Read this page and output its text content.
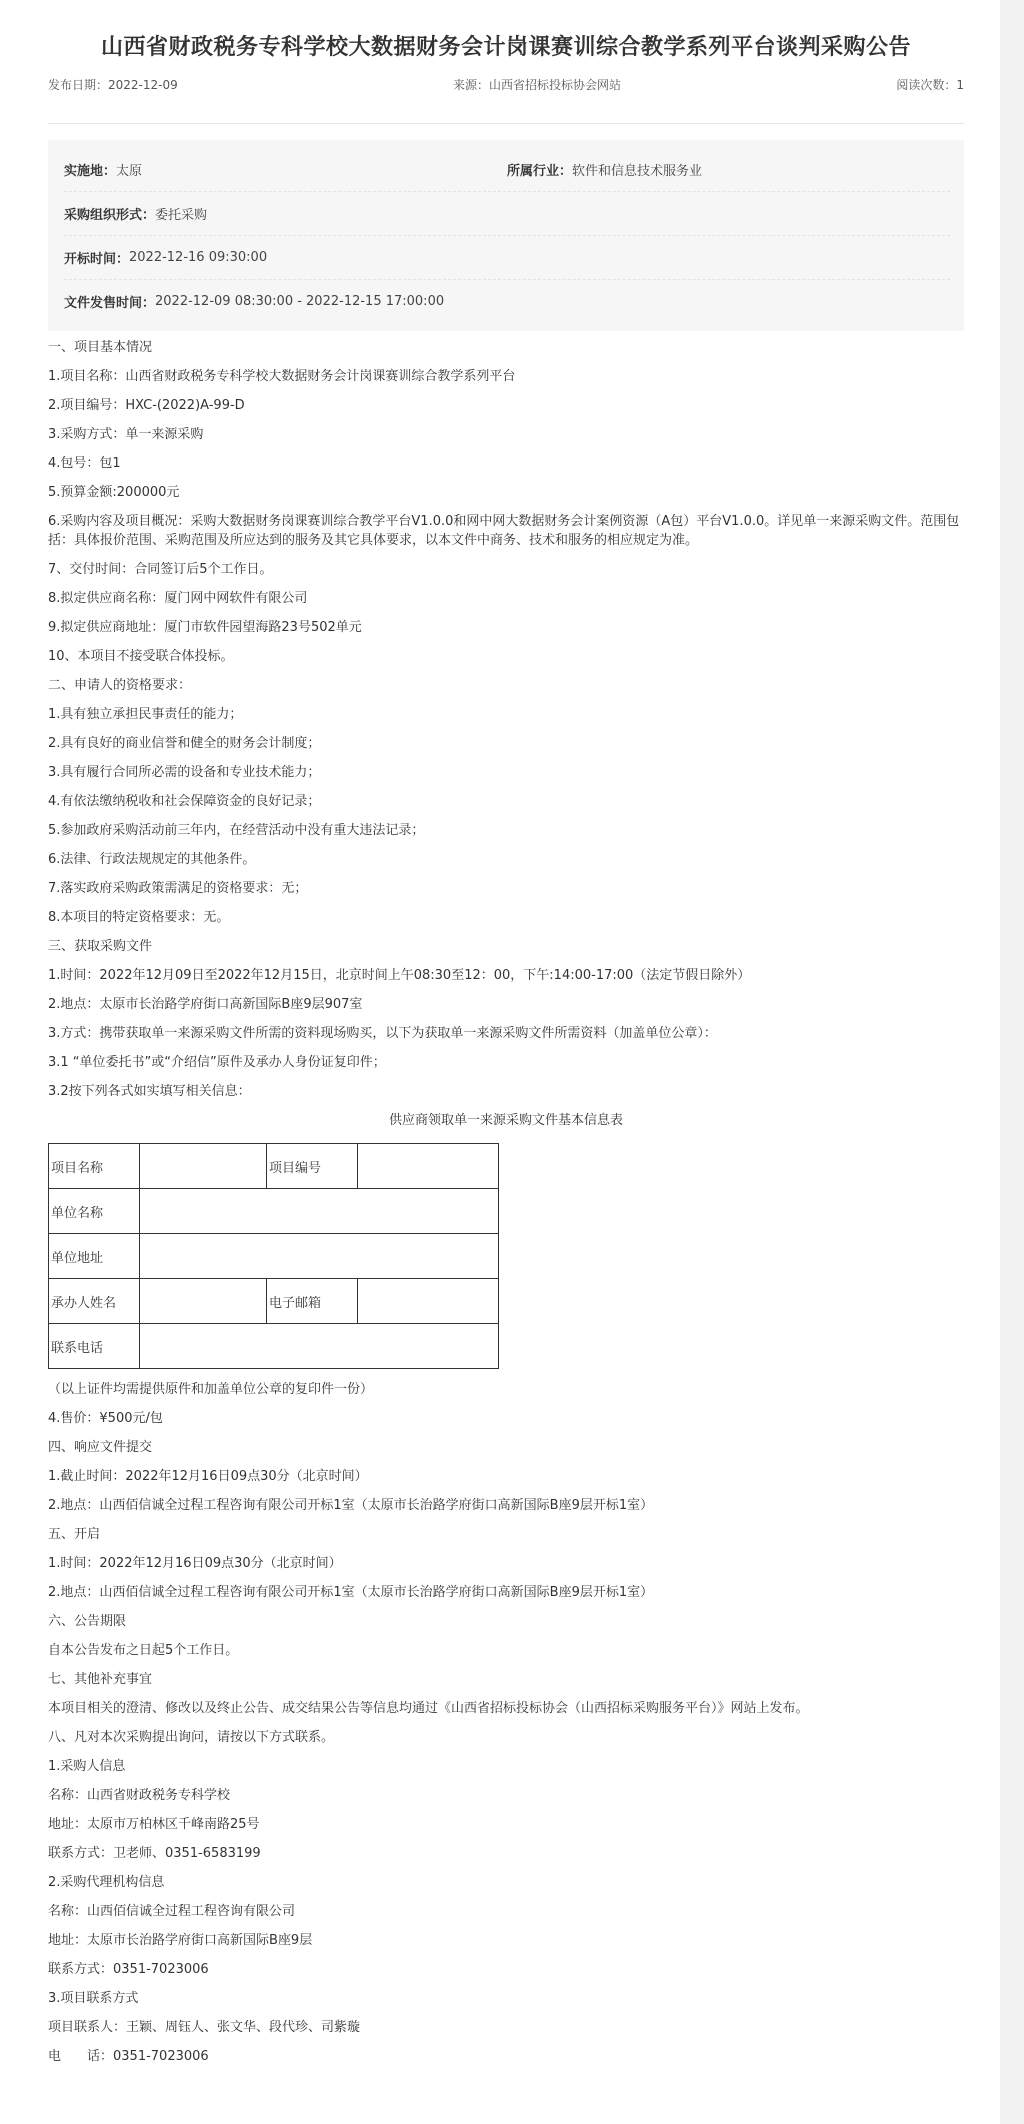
山西省财政税务专科学校大数据财务会计岗课赛训综合教学系列平台谈判采购公告
发布日期：2022-12-09	来源：山西省招标投标协会网站	阅读次数：1
实施地：太原	所属行业：软件和信息技术服务业
采购组织形式： 委托采购
开标时间： 2022-12-16 09:30:00
文件发售时间： 2022-12-09 08:30:00 - 2022-12-15 17:00:00

一、项目基本情况

1.项目名称：山西省财政税务专科学校大数据财务会计岗课赛训综合教学系列平台

2.项目编号：HXC-(2022)A-99-D

3.采购方式：单一来源采购

4.包号：包1

5.预算金额:200000元

6.采购内容及项目概况：采购大数据财务岗课赛训综合教学平台V1.0.0和网中网大数据财务会计案例资源（A包）平台V1.0.0。详见单一来源采购文件。范围包括：具体报价范围、采购范围及所应达到的服务及其它具体要求，以本文件中商务、技术和服务的相应规定为准。

7、交付时间：合同签订后5个工作日。

8.拟定供应商名称：厦门网中网软件有限公司

9.拟定供应商地址：厦门市软件园望海路23号502单元

10、本项目不接受联合体投标。

二、申请人的资格要求：

1.具有独立承担民事责任的能力；

2.具有良好的商业信誉和健全的财务会计制度；

3.具有履行合同所必需的设备和专业技术能力；

4.有依法缴纳税收和社会保障资金的良好记录；

5.参加政府采购活动前三年内，在经营活动中没有重大违法记录；

6.法律、行政法规规定的其他条件。

7.落实政府采购政策需满足的资格要求：无；

8.本项目的特定资格要求：无。

三、获取采购文件

1.时间：2022年12月09日至2022年12月15日，北京时间上午08:30至12：00，下午:14:00-17:00（法定节假日除外）

2.地点：太原市长治路学府街口高新国际B座9层907室

3.方式：携带获取单一来源采购文件所需的资料现场购买，以下为获取单一来源采购文件所需资料（加盖单位公章）：

3.1 “单位委托书”或“介绍信”原件及承办人身份证复印件；

3.2按下列各式如实填写相关信息：

供应商领取单一来源采购文件基本信息表

项目名称		项目编号	
单位名称			
单位地址			
承办人姓名		电子邮箱	
联系电话			

（以上证件均需提供原件和加盖单位公章的复印件一份）

4.售价：¥500元/包

四、响应文件提交

1.截止时间：2022年12月16日09点30分（北京时间）

2.地点：山西佰信诚全过程工程咨询有限公司开标1室（太原市长治路学府街口高新国际B座9层开标1室）

五、开启

1.时间：2022年12月16日09点30分（北京时间）

2.地点：山西佰信诚全过程工程咨询有限公司开标1室（太原市长治路学府街口高新国际B座9层开标1室）

六、公告期限

自本公告发布之日起5个工作日。

七、其他补充事宜

本项目相关的澄清、修改以及终止公告、成交结果公告等信息均通过《山西省招标投标协会（山西招标采购服务平台）》网站上发布。

八、凡对本次采购提出询问，请按以下方式联系。

1.采购人信息

名称：山西省财政税务专科学校

地址：太原市万柏林区千峰南路25号

联系方式：卫老师、0351-6583199

2.采购代理机构信息

名称：山西佰信诚全过程工程咨询有限公司

地址：太原市长治路学府街口高新国际B座9层

联系方式：0351-7023006

3.项目联系方式

项目联系人：王颖、周钰人、张文华、段代珍、司紫璇

电　　话：0351-7023006
